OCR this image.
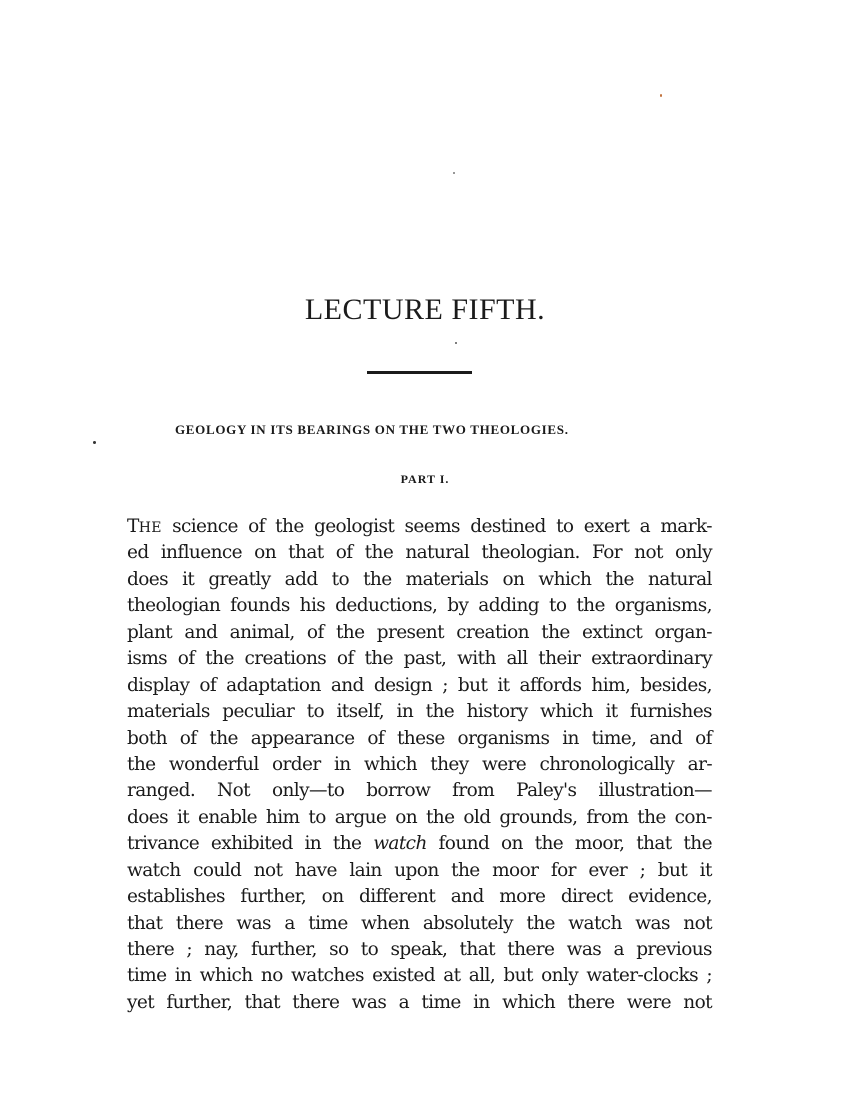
LECTURE FIFTH.
GEOLOGY IN ITS BEARINGS ON THE TWO THEOLOGIES.
PART I.
THE science of the geologist seems destined to exert a mark-
ed influence on that of the natural theologian. For not only
does it greatly add to the materials on which the natural
theologian founds his deductions, by adding to the organisms,
plant and animal, of the present creation the extinct organ-
isms of the creations of the past, with all their extraordinary
display of adaptation and design ; but it affords him, besides,
materials peculiar to itself, in the history which it furnishes
both of the appearance of these organisms in time, and of
the wonderful order in which they were chronologically ar-
ranged. Not only—to borrow from Paley's illustration—
does it enable him to argue on the old grounds, from the con-
trivance exhibited in the watch found on the moor, that the
watch could not have lain upon the moor for ever ; but it
establishes further, on different and more direct evidence,
that there was a time when absolutely the watch was not
there ; nay, further, so to speak, that there was a previous
time in which no watches existed at all, but only water-clocks ;
yet further, that there was a time in which there were not
